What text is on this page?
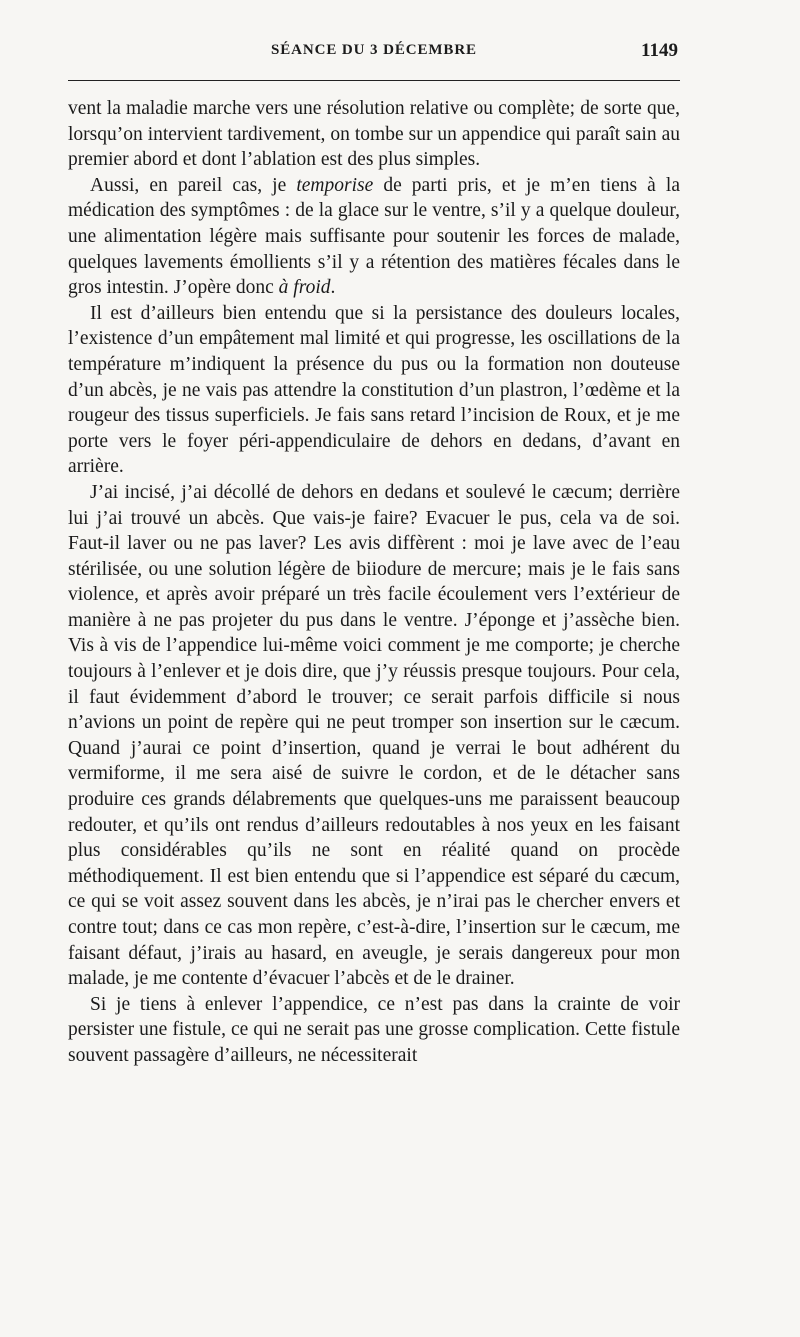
SÉANCE DU 3 DÉCEMBRE	1149

vent la maladie marche vers une résolution relative ou complète; de sorte que, lorsqu’on intervient tardivement, on tombe sur un appendice qui paraît sain au premier abord et dont l’ablation est des plus simples.

Aussi, en pareil cas, je temporise de parti pris, et je m’en tiens à la médication des symptômes : de la glace sur le ventre, s’il y a quelque douleur, une alimentation légère mais suffisante pour soutenir les forces de malade, quelques lavements émollients s’il y a rétention des matières fécales dans le gros intestin. J’opère donc à froid.

Il est d’ailleurs bien entendu que si la persistance des douleurs locales, l’existence d’un empâtement mal limité et qui progresse, les oscillations de la température m’indiquent la présence du pus ou la formation non douteuse d’un abcès, je ne vais pas attendre la constitution d’un plastron, l’œdème et la rougeur des tissus superficiels. Je fais sans retard l’incision de Roux, et je me porte vers le foyer péri-appendiculaire de dehors en dedans, d’avant en arrière.

J’ai incisé, j’ai décollé de dehors en dedans et soulevé le cæcum; derrière lui j’ai trouvé un abcès. Que vais-je faire? Evacuer le pus, cela va de soi. Faut-il laver ou ne pas laver? Les avis diffèrent : moi je lave avec de l’eau stérilisée, ou une solution légère de biiodure de mercure; mais je le fais sans violence, et après avoir préparé un très facile écoulement vers l’extérieur de manière à ne pas projeter du pus dans le ventre. J’éponge et j’assèche bien. Vis à vis de l’appendice lui-même voici comment je me comporte; je cherche toujours à l’enlever et je dois dire, que j’y réussis presque toujours. Pour cela, il faut évidemment d’abord le trouver; ce serait parfois difficile si nous n’avions un point de repère qui ne peut tromper son insertion sur le cæcum. Quand j’aurai ce point d’insertion, quand je verrai le bout adhérent du vermiforme, il me sera aisé de suivre le cordon, et de le détacher sans produire ces grands délabrements que quelques-uns me paraissent beaucoup redouter, et qu’ils ont rendus d’ailleurs redoutables à nos yeux en les faisant plus considérables qu’ils ne sont en réalité quand on procède méthodiquement. Il est bien entendu que si l’appendice est séparé du cæcum, ce qui se voit assez souvent dans les abcès, je n’irai pas le chercher envers et contre tout; dans ce cas mon repère, c’est-à-dire, l’insertion sur le cæcum, me faisant défaut, j’irais au hasard, en aveugle, je serais dangereux pour mon malade, je me contente d’évacuer l’abcès et de le drainer.

Si je tiens à enlever l’appendice, ce n’est pas dans la crainte de voir persister une fistule, ce qui ne serait pas une grosse complication. Cette fistule souvent passagère d’ailleurs, ne nécessiterait
